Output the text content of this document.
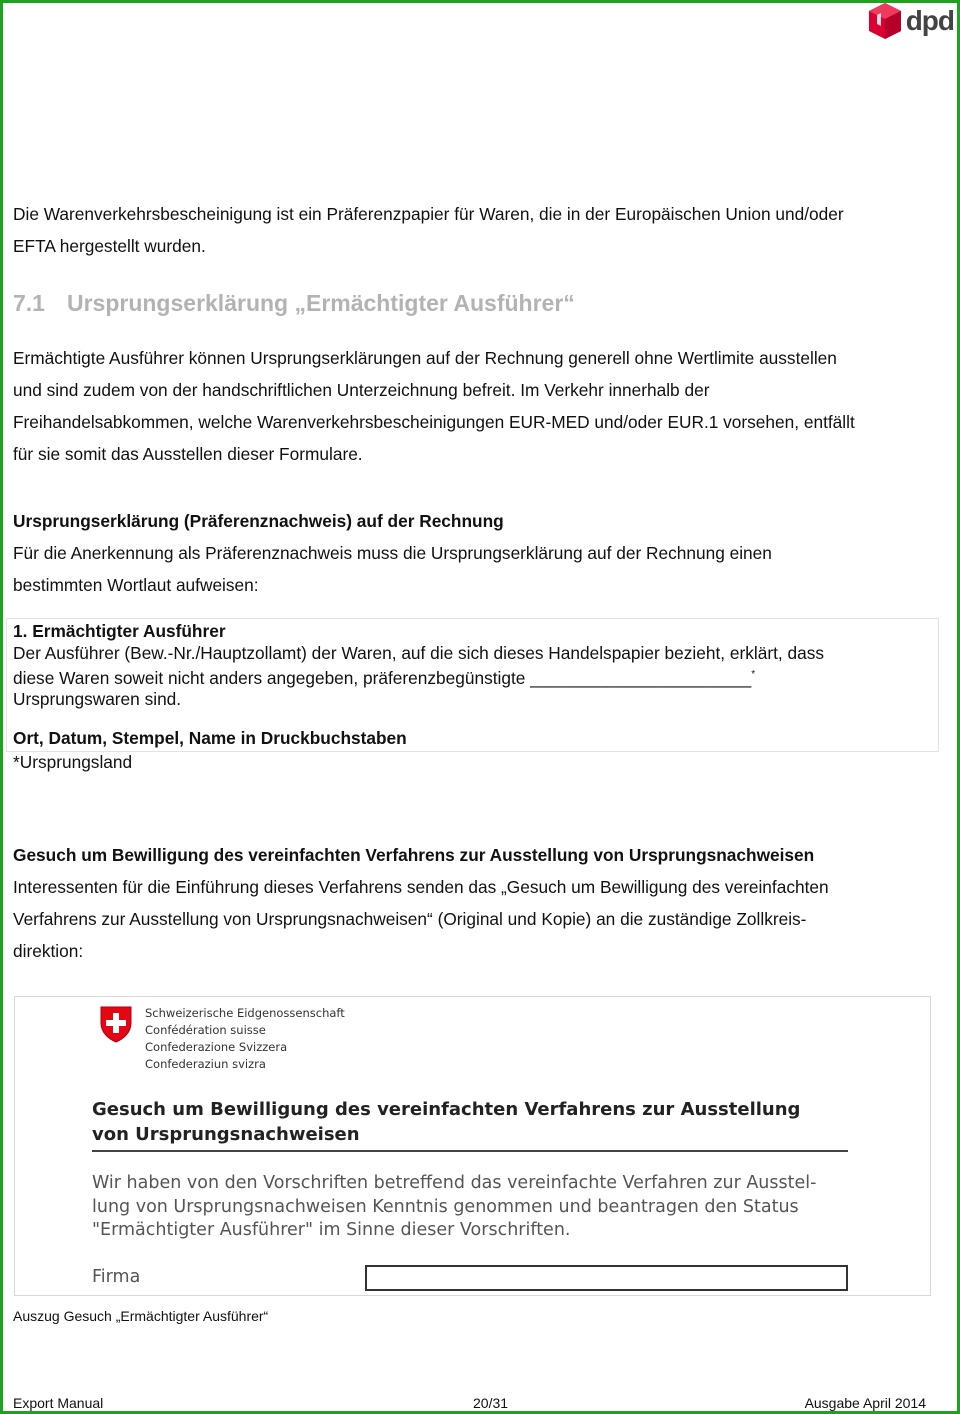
dpd
Die Warenverkehrsbescheinigung ist ein Präferenzpapier für Waren, die in der Europäischen Union und/oder
EFTA hergestellt wurden.
7.1 Ursprungserklärung „Ermächtigter Ausführer“
Ermächtigte Ausführer können Ursprungserklärungen auf der Rechnung generell ohne Wertlimite ausstellen
und sind zudem von der handschriftlichen Unterzeichnung befreit. Im Verkehr innerhalb der
Freihandelsabkommen, welche Warenverkehrsbescheinigungen EUR-MED und/oder EUR.1 vorsehen, entfällt
für sie somit das Ausstellen dieser Formulare.
Ursprungserklärung (Präferenznachweis) auf der Rechnung
Für die Anerkennung als Präferenznachweis muss die Ursprungserklärung auf der Rechnung einen
bestimmten Wortlaut aufweisen:
1. Ermächtigter Ausführer
Der Ausführer (Bew.-Nr./Hauptzollamt) der Waren, auf die sich dieses Handelspapier bezieht, erklärt, dass
diese Waren soweit nicht anders angegeben, präferenzbegünstigte _______________________*
Ursprungswaren sind.
Ort, Datum, Stempel, Name in Druckbuchstaben
*Ursprungsland
Gesuch um Bewilligung des vereinfachten Verfahrens zur Ausstellung von Ursprungsnachweisen
Interessenten für die Einführung dieses Verfahrens senden das „Gesuch um Bewilligung des vereinfachten
Verfahrens zur Ausstellung von Ursprungsnachweisen“ (Original und Kopie) an die zuständige Zollkreis-
direktion:
Schweizerische Eidgenossenschaft
Confédération suisse
Confederazione Svizzera
Confederaziun svizra
Gesuch um Bewilligung des vereinfachten Verfahrens zur Ausstellung
von Ursprungsnachweisen
Wir haben von den Vorschriften betreffend das vereinfachte Verfahren zur Ausstel-
lung von Ursprungsnachweisen Kenntnis genommen und beantragen den Status
"Ermächtigter Ausführer" im Sinne dieser Vorschriften.
Firma
Auszug Gesuch „Ermächtigter Ausführer“
Export Manual	20/31	Ausgabe April 2014
